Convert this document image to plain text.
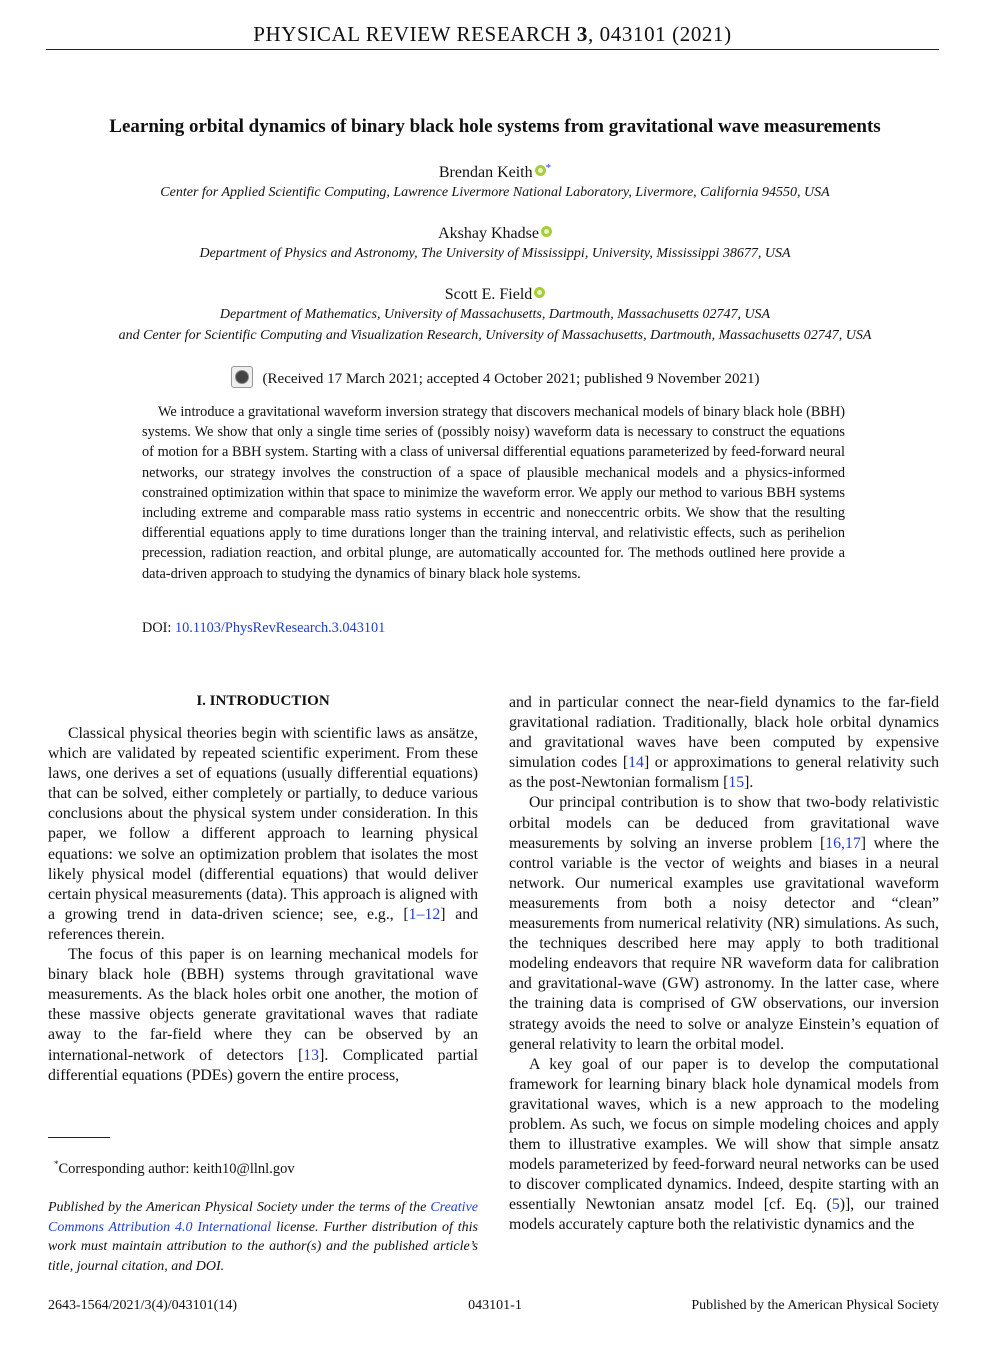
PHYSICAL REVIEW RESEARCH 3, 043101 (2021)
Learning orbital dynamics of binary black hole systems from gravitational wave measurements
Brendan Keith *
Center for Applied Scientific Computing, Lawrence Livermore National Laboratory, Livermore, California 94550, USA
Akshay Khadse
Department of Physics and Astronomy, The University of Mississippi, University, Mississippi 38677, USA
Scott E. Field
Department of Mathematics, University of Massachusetts, Dartmouth, Massachusetts 02747, USA
and Center for Scientific Computing and Visualization Research, University of Massachusetts, Dartmouth, Massachusetts 02747, USA
(Received 17 March 2021; accepted 4 October 2021; published 9 November 2021)
We introduce a gravitational waveform inversion strategy that discovers mechanical models of binary black hole (BBH) systems. We show that only a single time series of (possibly noisy) waveform data is necessary to construct the equations of motion for a BBH system. Starting with a class of universal differential equations parameterized by feed-forward neural networks, our strategy involves the construction of a space of plausible mechanical models and a physics-informed constrained optimization within that space to minimize the waveform error. We apply our method to various BBH systems including extreme and comparable mass ratio systems in eccentric and noneccentric orbits. We show that the resulting differential equations apply to time durations longer than the training interval, and relativistic effects, such as perihelion precession, radiation reaction, and orbital plunge, are automatically accounted for. The methods outlined here provide a data-driven approach to studying the dynamics of binary black hole systems.
DOI: 10.1103/PhysRevResearch.3.043101
I. INTRODUCTION

Classical physical theories begin with scientific laws as ansätze, which are validated by repeated scientific experiment. From these laws, one derives a set of equations (usually differential equations) that can be solved, either completely or partially, to deduce various conclusions about the physical system under consideration. In this paper, we follow a different approach to learning physical equations: we solve an optimization problem that isolates the most likely physical model (differential equations) that would deliver certain physical measurements (data). This approach is aligned with a growing trend in data-driven science; see, e.g., [1–12] and references therein.

The focus of this paper is on learning mechanical models for binary black hole (BBH) systems through gravitational wave measurements. As the black holes orbit one another, the motion of these massive objects generate gravitational waves that radiate away to the far-field where they can be observed by an international-network of detectors [13]. Complicated partial differential equations (PDEs) govern the entire process,

*Corresponding author: keith10@llnl.gov
Published by the American Physical Society under the terms of the Creative Commons Attribution 4.0 International license. Further distribution of this work must maintain attribution to the author(s) and the published article’s title, journal citation, and DOI.

and in particular connect the near-field dynamics to the far-field gravitational radiation. Traditionally, black hole orbital dynamics and gravitational waves have been computed by expensive simulation codes [14] or approximations to general relativity such as the post-Newtonian formalism [15].

Our principal contribution is to show that two-body relativistic orbital models can be deduced from gravitational wave measurements by solving an inverse problem [16,17] where the control variable is the vector of weights and biases in a neural network. Our numerical examples use gravitational waveform measurements from both a noisy detector and “clean” measurements from numerical relativity (NR) simulations. As such, the techniques described here may apply to both traditional modeling endeavors that require NR waveform data for calibration and gravitational-wave (GW) astronomy. In the latter case, where the training data is comprised of GW observations, our inversion strategy avoids the need to solve or analyze Einstein’s equation of general relativity to learn the orbital model.

A key goal of our paper is to develop the computational framework for learning binary black hole dynamical models from gravitational waves, which is a new approach to the modeling problem. As such, we focus on simple modeling choices and apply them to illustrative examples. We will show that simple ansatz models parameterized by feed-forward neural networks can be used to discover complicated dynamics. Indeed, despite starting with an essentially Newtonian ansatz model [cf. Eq. (5)], our trained models accurately capture both the relativistic dynamics and the

2643-1564/2021/3(4)/043101(14)	043101-1	Published by the American Physical Society
